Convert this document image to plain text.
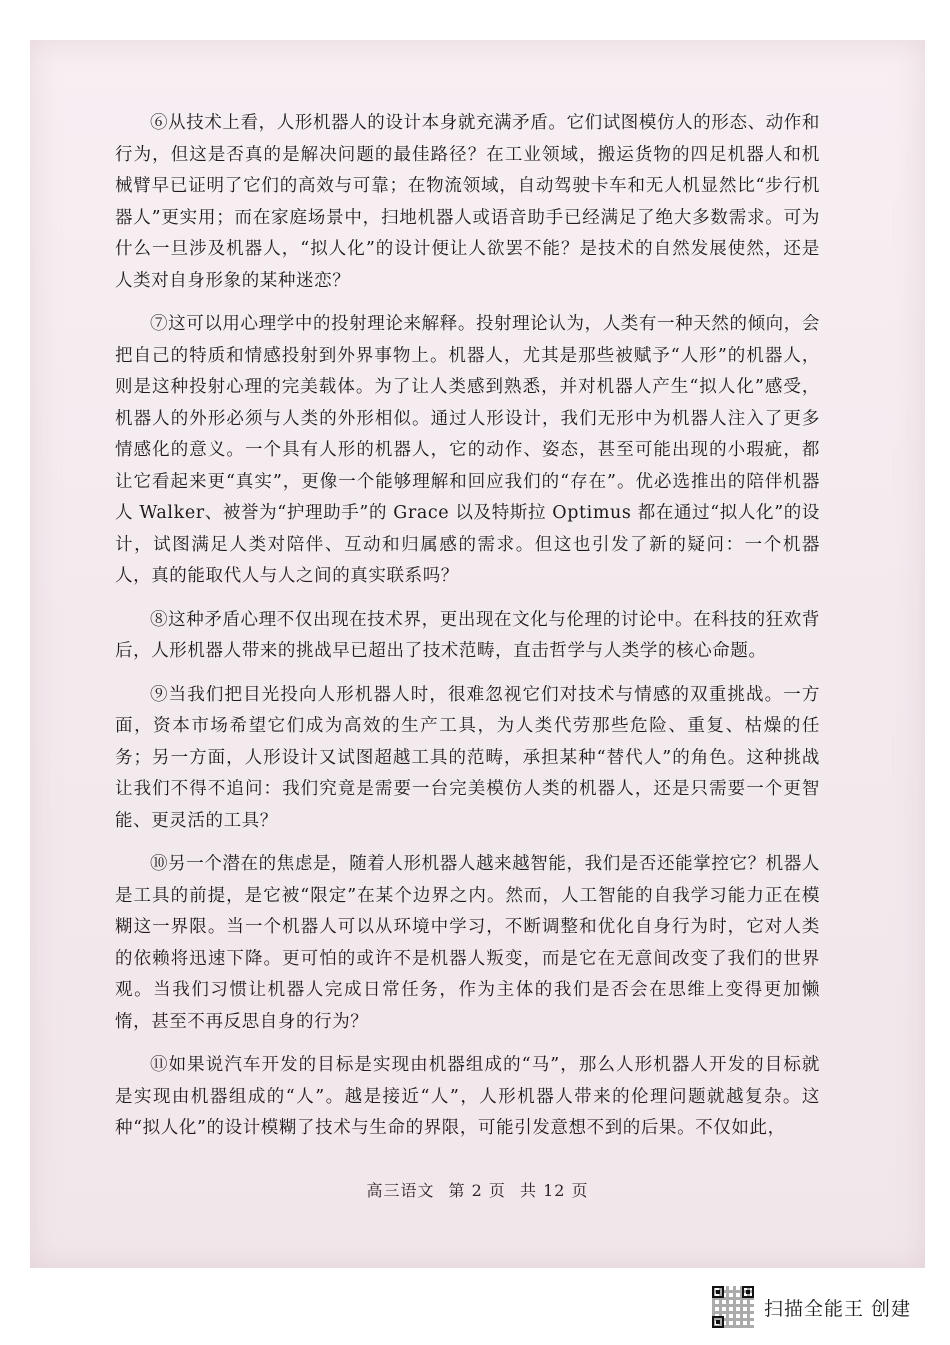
⑥从技术上看，人形机器人的设计本身就充满矛盾。它们试图模仿人的形态、动作和行为，但这是否真的是解决问题的最佳路径？在工业领域，搬运货物的四足机器人和机械臂早已证明了它们的高效与可靠；在物流领域，自动驾驶卡车和无人机显然比“步行机器人”更实用；而在家庭场景中，扫地机器人或语音助手已经满足了绝大多数需求。可为什么一旦涉及机器人，“拟人化”的设计便让人欲罢不能？是技术的自然发展使然，还是人类对自身形象的某种迷恋？

⑦这可以用心理学中的投射理论来解释。投射理论认为，人类有一种天然的倾向，会把自己的特质和情感投射到外界事物上。机器人，尤其是那些被赋予“人形”的机器人，则是这种投射心理的完美载体。为了让人类感到熟悉，并对机器人产生“拟人化”感受，机器人的外形必须与人类的外形相似。通过人形设计，我们无形中为机器人注入了更多情感化的意义。一个具有人形的机器人，它的动作、姿态，甚至可能出现的小瑕疵，都让它看起来更“真实”，更像一个能够理解和回应我们的“存在”。优必选推出的陪伴机器人 Walker、被誉为“护理助手”的 Grace 以及特斯拉 Optimus 都在通过“拟人化”的设计，试图满足人类对陪伴、互动和归属感的需求。但这也引发了新的疑问：一个机器人，真的能取代人与人之间的真实联系吗？

⑧这种矛盾心理不仅出现在技术界，更出现在文化与伦理的讨论中。在科技的狂欢背后，人形机器人带来的挑战早已超出了技术范畴，直击哲学与人类学的核心命题。

⑨当我们把目光投向人形机器人时，很难忽视它们对技术与情感的双重挑战。一方面，资本市场希望它们成为高效的生产工具，为人类代劳那些危险、重复、枯燥的任务；另一方面，人形设计又试图超越工具的范畴，承担某种“替代人”的角色。这种挑战让我们不得不追问：我们究竟是需要一台完美模仿人类的机器人，还是只需要一个更智能、更灵活的工具？

⑩另一个潜在的焦虑是，随着人形机器人越来越智能，我们是否还能掌控它？机器人是工具的前提，是它被“限定”在某个边界之内。然而，人工智能的自我学习能力正在模糊这一界限。当一个机器人可以从环境中学习，不断调整和优化自身行为时，它对人类的依赖将迅速下降。更可怕的或许不是机器人叛变，而是它在无意间改变了我们的世界观。当我们习惯让机器人完成日常任务，作为主体的我们是否会在思维上变得更加懒惰，甚至不再反思自身的行为？

⑪如果说汽车开发的目标是实现由机器组成的“马”，那么人形机器人开发的目标就是实现由机器组成的“人”。越是接近“人”，人形机器人带来的伦理问题就越复杂。这种“拟人化”的设计模糊了技术与生命的界限，可能引发意想不到的后果。不仅如此，

高三语文 第 2 页 共 12 页
扫描全能王 创建
